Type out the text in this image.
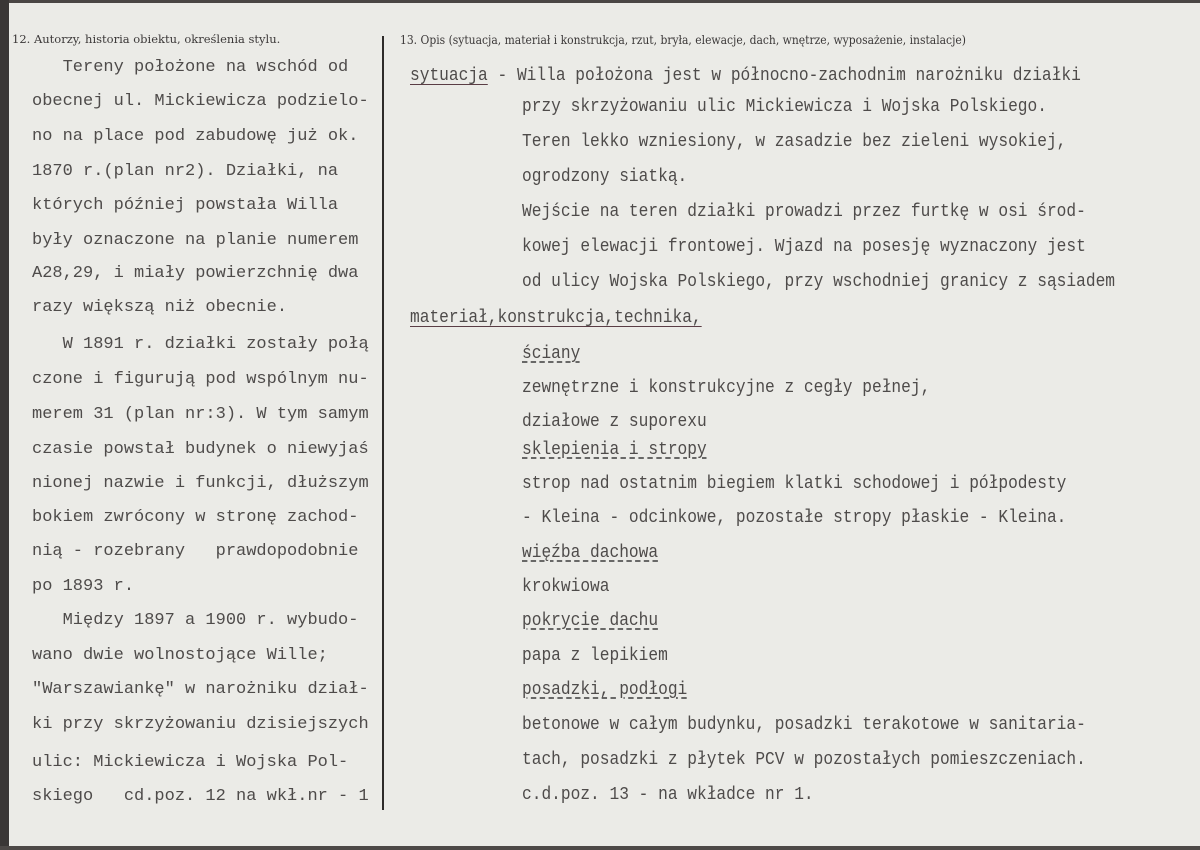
12. Autorzy, historia obiektu, określenia stylu.	13. Opis (sytuacja, materiał i konstrukcja, rzut, bryła, elewacje, dach, wnętrze, wyposażenie, instalacje)
Tereny położone na wschód od
obecnej ul. Mickiewicza podzielo-
no na place pod zabudowę już ok.
1870 r.(plan nr2). Działki, na
których później powstała Willa
były oznaczone na planie numerem
A28,29, i miały powierzchnię dwa
razy większą niż obecnie.
W 1891 r. działki zostały połą
czone i figurują pod wspólnym nu-
merem 31 (plan nr:3). W tym samym
czasie powstał budynek o niewyjaś
nionej nazwie i funkcji, dłuższym
bokiem zwrócony w stronę zachod-
nią - rozebrany   prawdopodobnie
po 1893 r.
Między 1897 a 1900 r. wybudo-
wano dwie wolnostojące Wille;
"Warszawiankę" w narożniku dział-
ki przy skrzyżowaniu dzisiejszych
ulic: Mickiewicza i Wojska Pol-
skiego   cd.poz. 12 na wkł.nr - 1
sytuacja - Willa położona jest w północno-zachodnim narożniku działki
przy skrzyżowaniu ulic Mickiewicza i Wojska Polskiego.
Teren lekko wzniesiony, w zasadzie bez zieleni wysokiej,
ogrodzony siatką.
Wejście na teren działki prowadzi przez furtkę w osi środ-
kowej elewacji frontowej. Wjazd na posesję wyznaczony jest
od ulicy Wojska Polskiego, przy wschodniej granicy z sąsiadem
materiał,konstrukcja,technika,
ściany
zewnętrzne i konstrukcyjne z cegły pełnej,
działowe z suporexu
sklepienia i stropy
strop nad ostatnim biegiem klatki schodowej i półpodesty
- Kleina - odcinkowe, pozostałe stropy płaskie - Kleina.
więźba dachowa
krokwiowa
pokrycie dachu
papa z lepikiem
posadzki, podłogi
betonowe w całym budynku, posadzki terakotowe w sanitaria-
tach, posadzki z płytek PCV w pozostałych pomieszczeniach.
c.d.poz. 13 - na wkładce nr 1.
